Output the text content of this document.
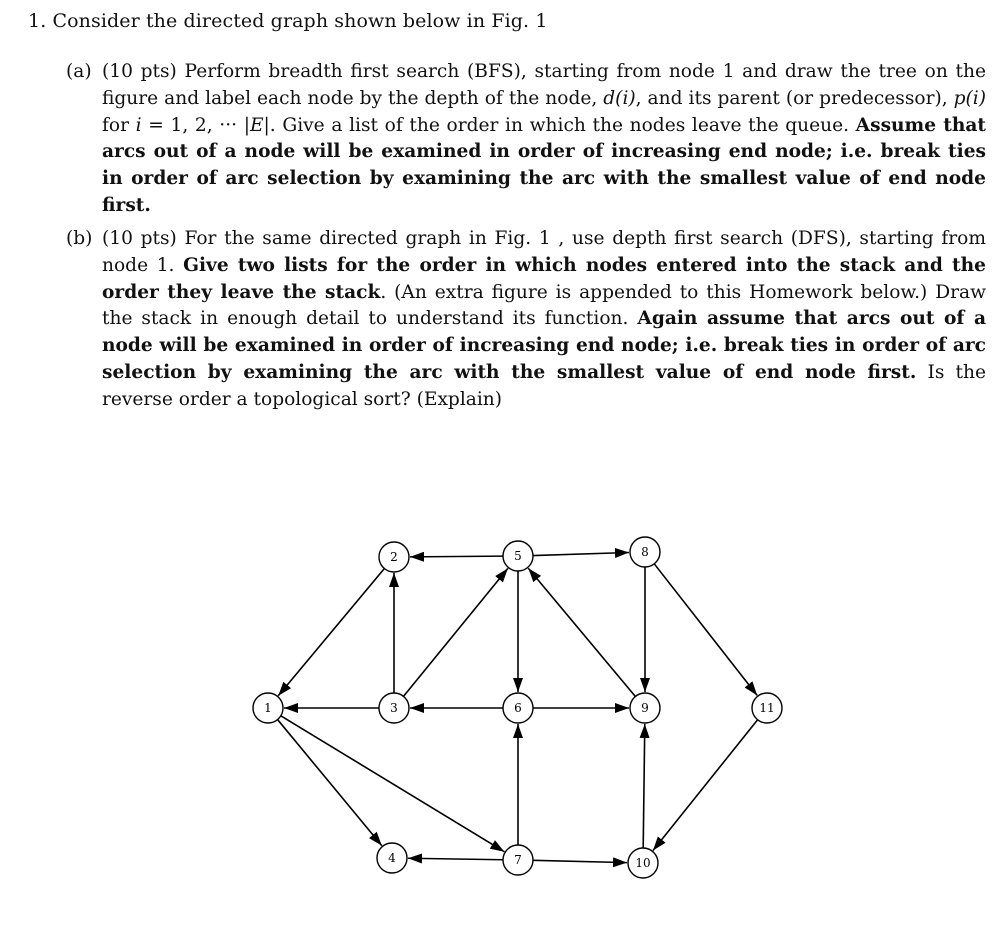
1. Consider the directed graph shown below in Fig. 1
(a) (10 pts) Perform breadth first search (BFS), starting from node 1 and draw the tree on the figure and label each node by the depth of the node, d(i), and its parent (or predecessor), p(i) for i = 1, 2, ··· |E|. Give a list of the order in which the nodes leave the queue. Assume that arcs out of a node will be examined in order of increasing end node; i.e. break ties in order of arc selection by examining the arc with the smallest value of end node first.
(b) (10 pts) For the same directed graph in Fig. 1 , use depth first search (DFS), starting from node 1. Give two lists for the order in which nodes entered into the stack and the order they leave the stack. (An extra figure is appended to this Homework below.) Draw the stack in enough detail to understand its function. Again assume that arcs out of a node will be examined in order of increasing end node; i.e. break ties in order of arc selection by examining the arc with the smallest value of end node first. Is the reverse order a topological sort? (Explain)
1
2
3
4
5
6
7
8
9
10
11
